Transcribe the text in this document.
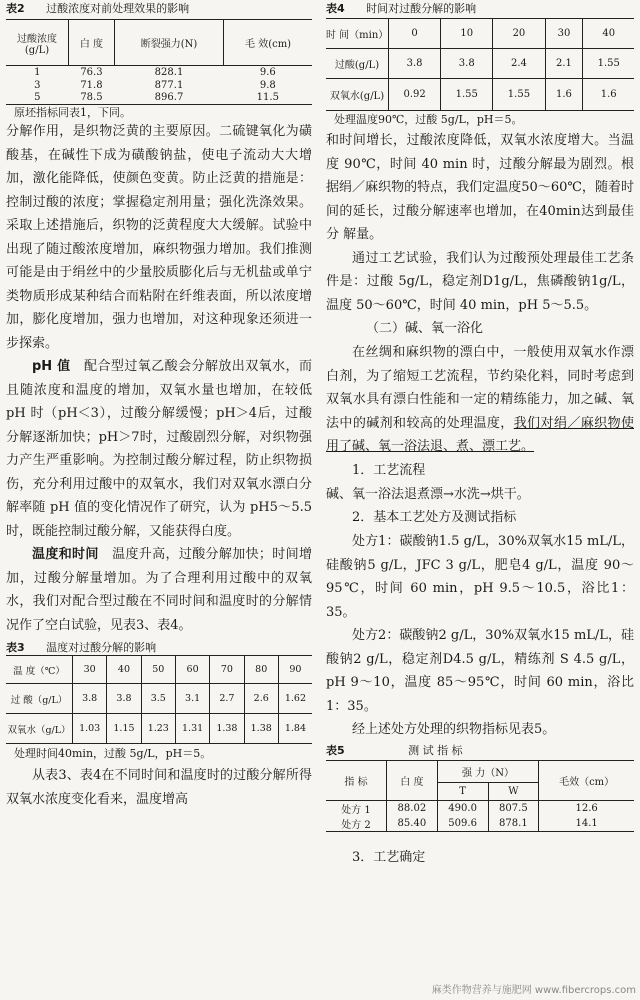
表2 过酸浓度对前处理效果的影响
过酸浓度(g/L)	白 度	断裂强力(N)	毛 效(cm)
1	76.3	828.1	9.6
3	71.8	877.1	9.8
5	78.5	896.7	11.5
原坯指标同表1，下同。

分解作用，是织物泛黄的主要原因。二硫键氧化为磺酸基，在碱性下成为磺酸钠盐，使电子流动大大增加，激化能降低，使颜色变黄。防止泛黄的措施是：控制过酸的浓度；掌握稳定剂用量；强化洗涤效果。采取上述措施后，织物的泛黄程度大大缓解。试验中出现了随过酸浓度增加，麻织物强力增加。我们推测可能是由于绢丝中的少量胶质膨化后与无机盐或单宁类物质形成某种结合而粘附在纤维表面，所以浓度增加，膨化度增加，强力也增加，对这种现象还须进一步探索。

pH 值　 配合型过氧乙酸会分解放出双氧水，而且随浓度和温度的增加，双氧水量也增加，在较低 pH 时（pH＜3），过酸分解缓慢；pH＞4后，过酸分解逐渐加快；pH＞7时，过酸剧烈分解，对织物强力产生严重影响。为控制过酸分解过程，防止织物损伤，充分利用过酸中的双氧水，我们对双氧水漂白分解率随 pH 值的变化情况作了研究，认为 pH5～5.5时，既能控制过酸分解，又能获得白度。

温度和时间　 温度升高，过酸分解加快；时间增加，过酸分解量增加。为了合理利用过酸中的双氧水，我们对配合型过酸在不同时间和温度时的分解情况作了空白试验，见表3、表4。

表3 温度对过酸分解的影响
温 度（℃）	30	40	50	60	70	80	90
过 酸（g/L）	3.8	3.8	3.5	3.1	2.7	2.6	1.62
双氧水（g/L）	1.03	1.15	1.23	1.31	1.38	1.38	1.84
处理时间40min，过酸 5g/L，pH＝5。

从表3、表4在不同时间和温度时的过酸分解所得双氧水浓度变化看来，温度增高

表4 时间对过酸分解的影响
时 间（min）	0	10	20	30	40
过酸(g/L)	3.8	3.8	2.4	2.1	1.55
双氧水(g/L)	0.92	1.55	1.55	1.6	1.6
处理温度90℃，过酸 5g/L，pH＝5。

和时间增长，过酸浓度降低，双氧水浓度增大。当温度 90℃，时间 40 min 时，过酸分解最为剧烈。根据绢／麻织物的特点，我们定温度50～60℃，随着时间的延长，过酸分解速率也增加，在40min达到最佳分 解量。

通过工艺试验，我们认为过酸预处理最佳工艺条件是：过酸 5g/L，稳定剂D1g/L，焦磷酸钠1g/L，温度 50～60℃，时间 40 min，pH 5～5.5。

（二）碱、氧一浴化

在丝绸和麻织物的漂白中，一般使用双氧水作漂白剂，为了缩短工艺流程，节约染化料，同时考虑到双氧水具有漂白性能和一定的精练能力，加之碱、氧法中的碱剂和较高的处理温度，我们对绢／麻织物使用了碱、氧一浴法退、煮、漂工艺。

1．工艺流程

碱、氧一浴法退煮漂→水洗→烘干。

2．基本工艺处方及测试指标

处方1：碳酸钠1.5 g/L，30%双氧水15 mL/L，硅酸钠5 g/L，JFC 3 g/L，肥皂4 g/L，温度 90～95℃，时间 60 min，pH 9.5～10.5，浴比1：35。

处方2：碳酸钠2 g/L，30%双氧水15 mL/L，硅酸钠2 g/L，稳定剂D4.5 g/L，精练剂 S 4.5 g/L，pH 9～10，温度 85～95℃，时间 60 min，浴比1：35。

经上述处方处理的织物指标见表5。

表5	测 试 指 标
指 标	白 度	强 力（N）		毛效（cm）
		T	W	
处方 1	88.02	490.0	807.5	12.6
处方 2	85.40	509.6	878.1	14.1
3．工艺确定
麻类作物营养与施肥网 www.fibercrops.com
